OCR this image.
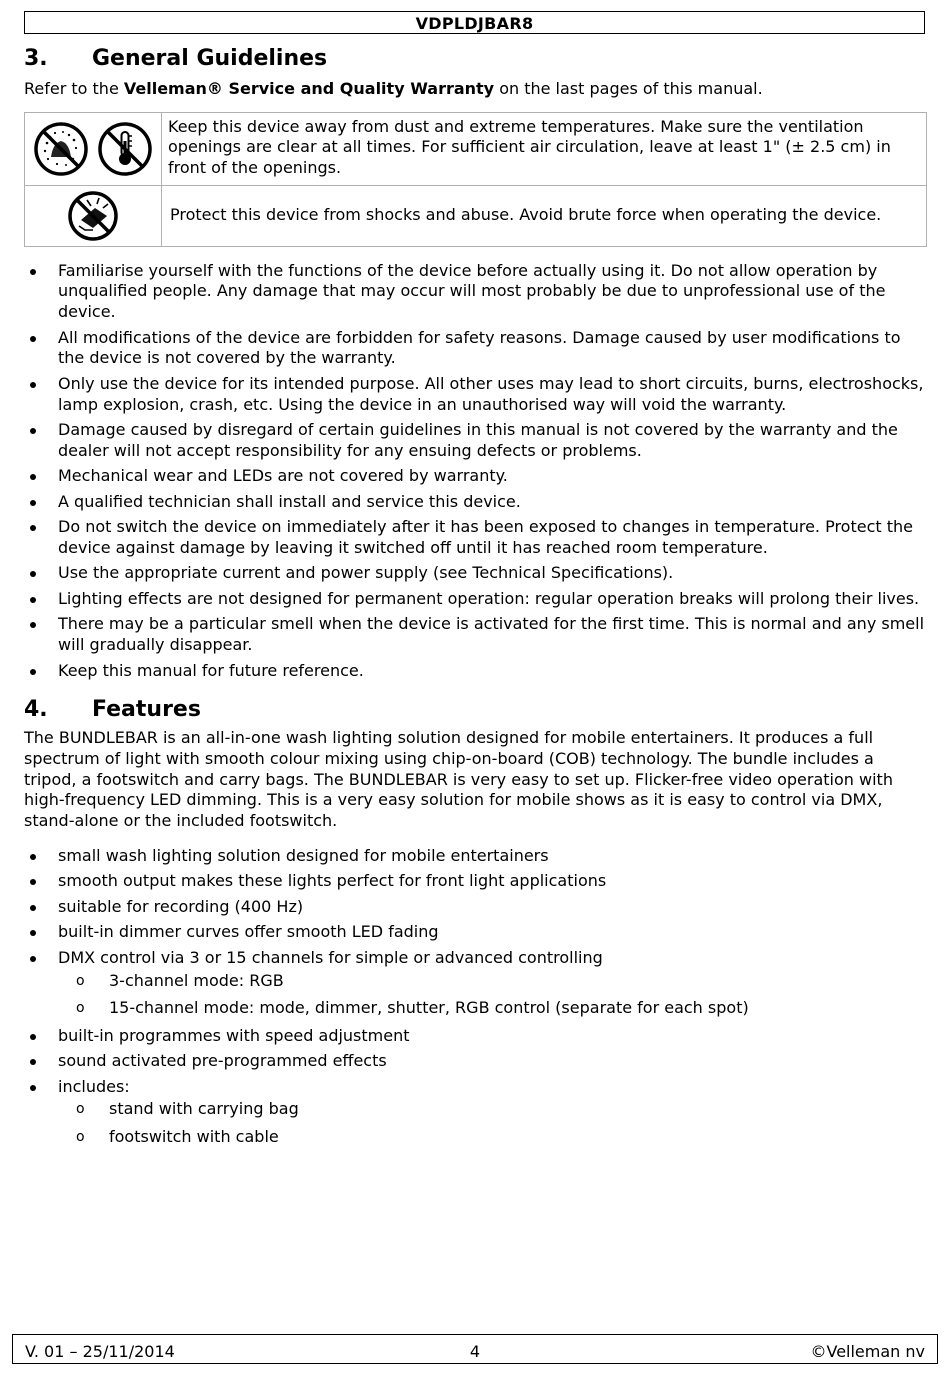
VDPLDJBAR8
3.	General Guidelines

Refer to the Velleman® Service and Quality Warranty on the last pages of this manual.

	Keep this device away from dust and extreme temperatures. Make sure the ventilation openings are clear at all times. For sufficient air circulation, leave at least 1" (± 2.5 cm) in front of the openings.

	Protect this device from shocks and abuse. Avoid brute force when operating the device.
Familiarise yourself with the functions of the device before actually using it. Do not allow operation by unqualified people. Any damage that may occur will most probably be due to unprofessional use of the device.
All modifications of the device are forbidden for safety reasons. Damage caused by user modifications to the device is not covered by the warranty.
Only use the device for its intended purpose. All other uses may lead to short circuits, burns, electroshocks, lamp explosion, crash, etc. Using the device in an unauthorised way will void the warranty.
Damage caused by disregard of certain guidelines in this manual is not covered by the warranty and the dealer will not accept responsibility for any ensuing defects or problems.
Mechanical wear and LEDs are not covered by warranty.
A qualified technician shall install and service this device.
Do not switch the device on immediately after it has been exposed to changes in temperature. Protect the device against damage by leaving it switched off until it has reached room temperature.
Use the appropriate current and power supply (see Technical Specifications).
Lighting effects are not designed for permanent operation: regular operation breaks will prolong their lives.
There may be a particular smell when the device is activated for the first time. This is normal and any smell will gradually disappear.
Keep this manual for future reference.
4.	Features

The BUNDLEBAR is an all-in-one wash lighting solution designed for mobile entertainers. It produces a full spectrum of light with smooth colour mixing using chip-on-board (COB) technology. The bundle includes a tripod, a footswitch and carry bags. The BUNDLEBAR is very easy to set up. Flicker-free video operation with high-frequency LED dimming. This is a very easy solution for mobile shows as it is easy to control via DMX, stand-alone or the included footswitch.

small wash lighting solution designed for mobile entertainers
smooth output makes these lights perfect for front light applications
suitable for recording (400 Hz)
built-in dimmer curves offer smooth LED fading
DMX control via 3 or 15 channels for simple or advanced controlling
o 3-channel mode: RGB
o 15-channel mode: mode, dimmer, shutter, RGB control (separate for each spot)
built-in programmes with speed adjustment
sound activated pre-programmed effects
includes:
o stand with carrying bag
o footswitch with cable
V. 01 – 25/11/2014	4	©Velleman nv
